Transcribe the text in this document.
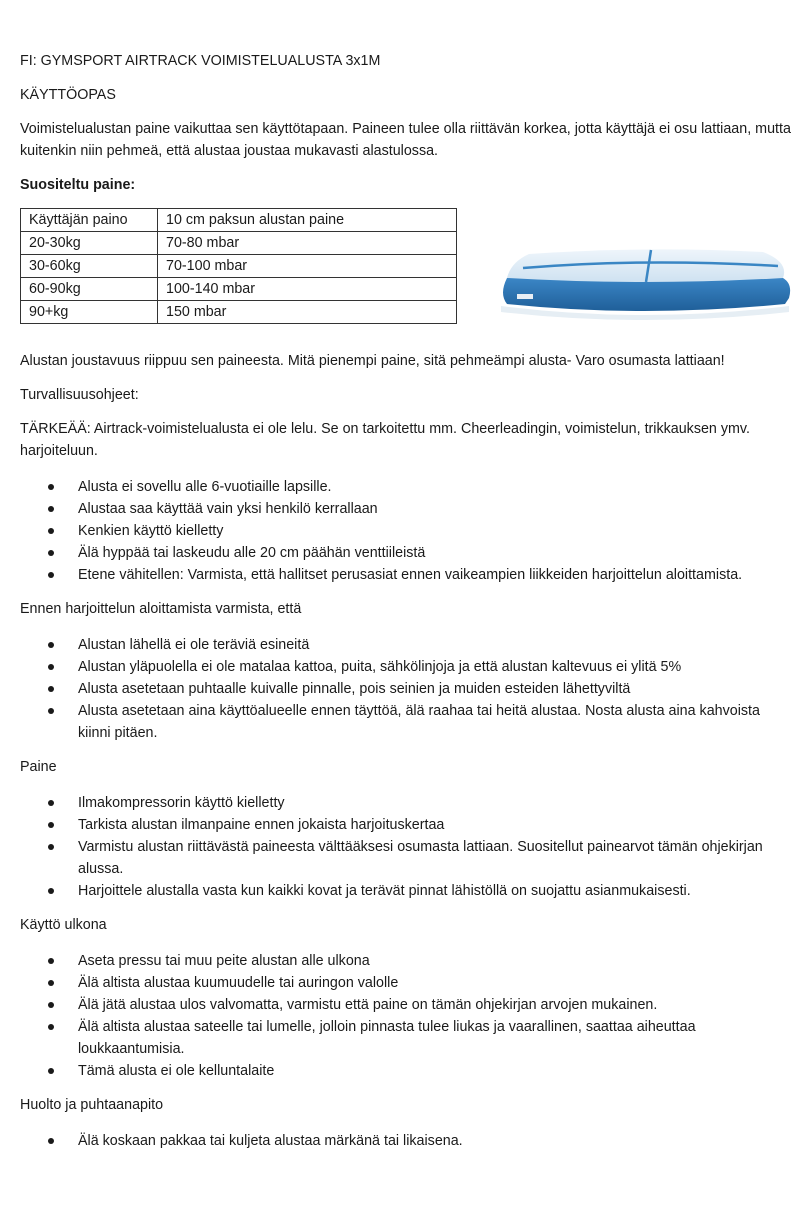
FI: GYMSPORT AIRTRACK VOIMISTELUALUSTA 3x1M

KÄYTTÖOPAS

Voimistelualustan paine vaikuttaa sen käyttötapaan. Paineen tulee olla riittävän korkea, jotta käyttäjä ei osu lattiaan, mutta kuitenkin niin pehmeä, että alustaa joustaa mukavasti alastulossa.

Suositeltu paine:

Käyttäjän paino	10 cm paksun alustan paine
20-30kg	70-80 mbar
30-60kg	70-100 mbar
60-90kg	100-140 mbar
90+kg	150 mbar

Alustan joustavuus riippuu sen paineesta. Mitä pienempi paine, sitä pehmeämpi alusta- Varo osumasta lattiaan!

Turvallisuusohjeet:

TÄRKEÄÄ: Airtrack-voimistelualusta ei ole lelu. Se on tarkoitettu mm. Cheerleadingin, voimistelun, trikkauksen ymv. harjoiteluun.

Alusta ei sovellu alle 6-vuotiaille lapsille.
Alustaa saa käyttää vain yksi henkilö kerrallaan
Kenkien käyttö kielletty
Älä hyppää tai laskeudu alle 20 cm päähän venttiileistä
Etene vähitellen: Varmista, että hallitset perusasiat ennen vaikeampien liikkeiden harjoittelun aloittamista.

Ennen harjoittelun aloittamista varmista, että

Alustan lähellä ei ole teräviä esineitä
Alustan yläpuolella ei ole matalaa kattoa, puita, sähkölinjoja ja että alustan kaltevuus ei ylitä 5%
Alusta asetetaan puhtaalle kuivalle pinnalle, pois seinien ja muiden esteiden lähettyviltä
Alusta asetetaan aina käyttöalueelle ennen täyttöä, älä raahaa tai heitä alustaa. Nosta alusta aina kahvoista kiinni pitäen.

Paine

Ilmakompressorin käyttö kielletty
Tarkista alustan ilmanpaine ennen jokaista harjoituskertaa
Varmistu alustan riittävästä paineesta välttääksesi osumasta lattiaan. Suositellut painearvot tämän ohjekirjan alussa.
Harjoittele alustalla vasta kun kaikki kovat ja terävät pinnat lähistöllä on suojattu asianmukaisesti.

Käyttö ulkona

Aseta pressu tai muu peite alustan alle ulkona
Älä altista alustaa kuumuudelle tai auringon valolle
Älä jätä alustaa ulos valvomatta, varmistu että paine on tämän ohjekirjan arvojen mukainen.
Älä altista alustaa sateelle tai lumelle, jolloin pinnasta tulee liukas ja vaarallinen, saattaa aiheuttaa loukkaantumisia.
Tämä alusta ei ole kelluntalaite

Huolto ja puhtaanapito

Älä koskaan pakkaa tai kuljeta alustaa märkänä tai likaisena.
